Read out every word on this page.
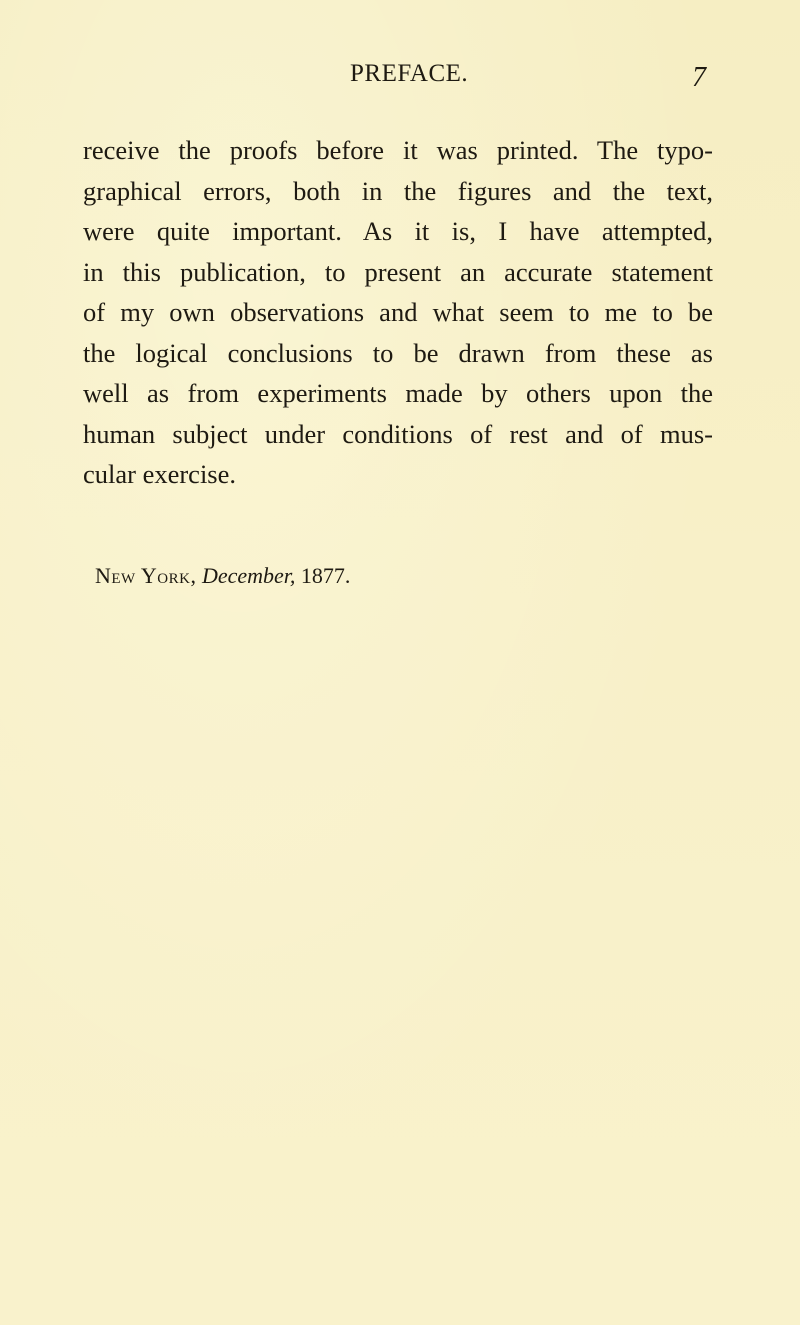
PREFACE.	7
receive the proofs before it was printed. The typo-
graphical errors, both in the figures and the text,
were quite important. As it is, I have attempted,
in this publication, to present an accurate statement
of my own observations and what seem to me to be
the logical conclusions to be drawn from these as
well as from experiments made by others upon the
human subject under conditions of rest and of mus-
cular exercise.
New York, December, 1877.
